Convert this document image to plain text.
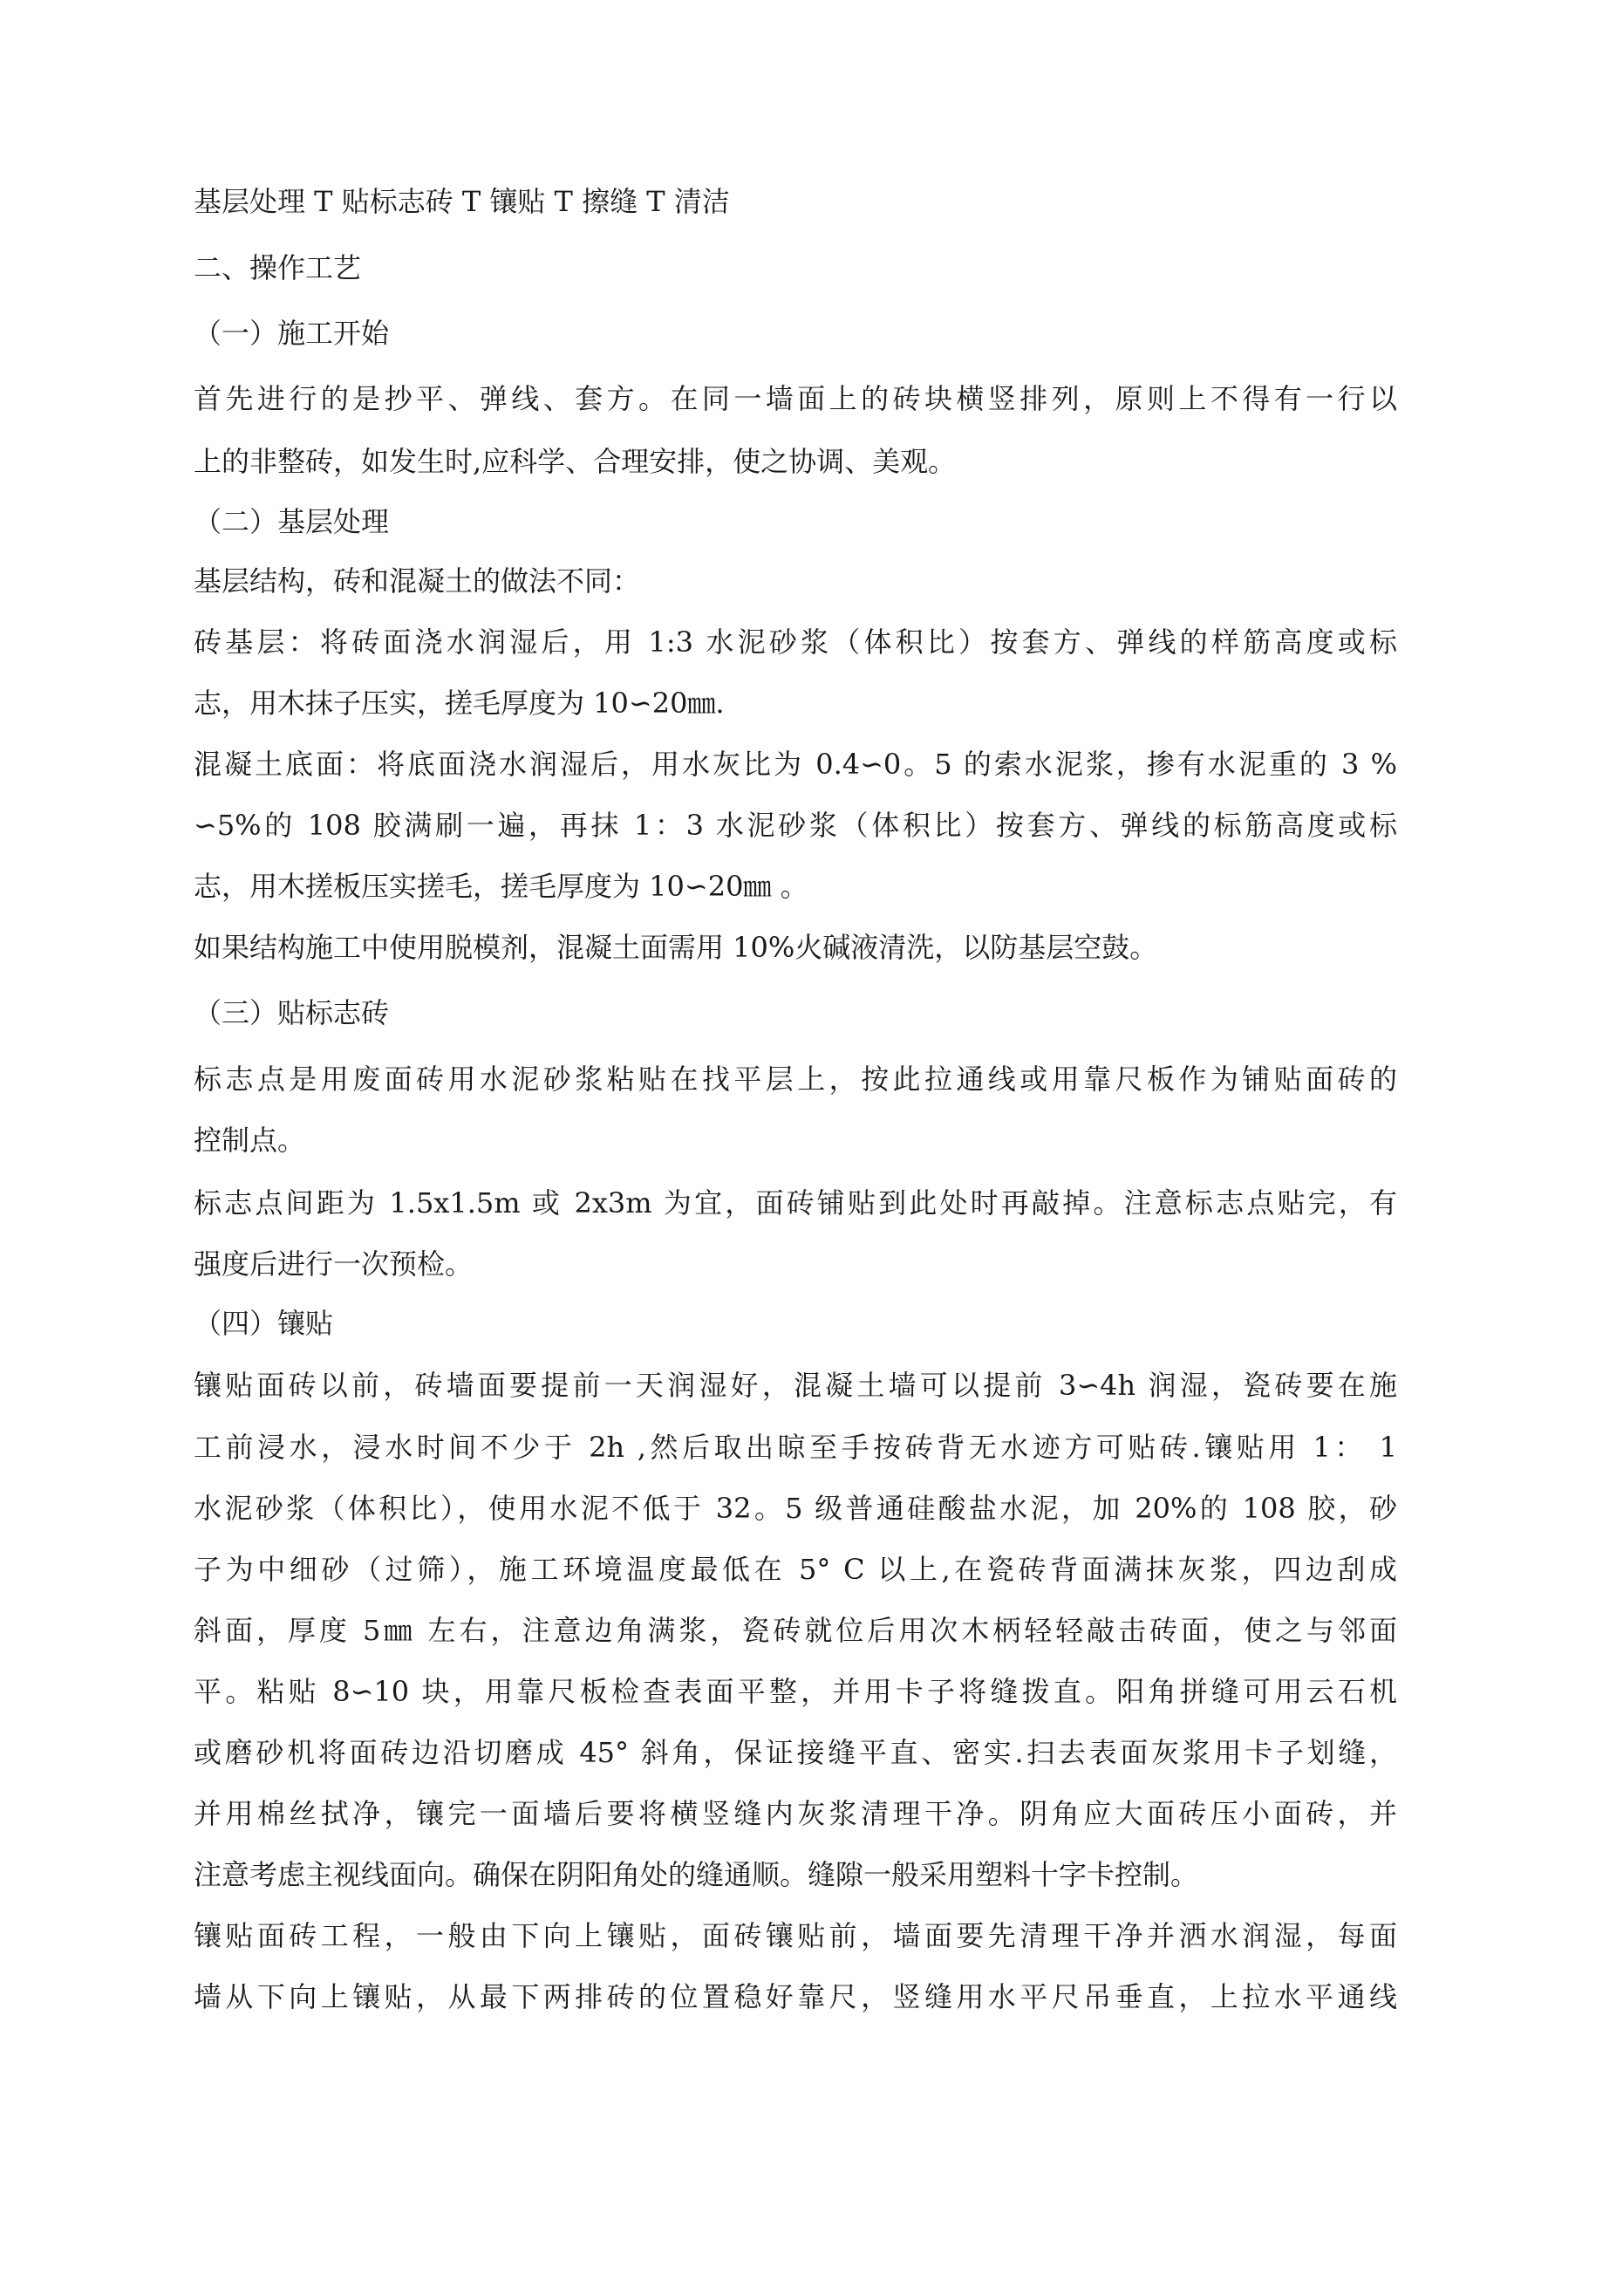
基层处理 T 贴标志砖 T 镶贴 T 擦缝 T 清洁
二、操作工艺
（一）施工开始
首先进行的是抄平、弹线、套方。在同一墙面上的砖块横竖排列，原则上不得有一行以
上的非整砖，如发生时,应科学、合理安排，使之协调、美观。
（二）基层处理
基层结构，砖和混凝土的做法不同：
砖基层：将砖面浇水润湿后，用 1:3 水泥砂浆（体积比）按套方、弹线的样筋高度或标
志，用木抹子压实，搓毛厚度为 10∽20㎜.
混凝土底面：将底面浇水润湿后，用水灰比为 0.4∽0。5 的索水泥浆，掺有水泥重的 3 %
∽5%的 108 胶满刷一遍，再抹 1：3 水泥砂浆（体积比）按套方、弹线的标筋高度或标
志，用木搓板压实搓毛，搓毛厚度为 10∽20㎜ 。
如果结构施工中使用脱模剂，混凝土面需用 10%火碱液清洗，以防基层空鼓。
（三）贴标志砖
标志点是用废面砖用水泥砂浆粘贴在找平层上，按此拉通线或用靠尺板作为铺贴面砖的
控制点。
标志点间距为 1.5x1.5m 或 2x3m 为宜，面砖铺贴到此处时再敲掉。注意标志点贴完，有
强度后进行一次预检。
（四）镶贴
镶贴面砖以前，砖墙面要提前一天润湿好，混凝土墙可以提前 3∽4h 润湿，瓷砖要在施
工前浸水，浸水时间不少于 2h ,然后取出晾至手按砖背无水迹方可贴砖.镶贴用 1： 1
水泥砂浆（体积比），使用水泥不低于 32。5 级普通硅酸盐水泥，加 20%的 108 胶，砂
子为中细砂（过筛），施工环境温度最低在 5° C 以上,在瓷砖背面满抹灰浆，四边刮成
斜面，厚度 5㎜ 左右，注意边角满浆，瓷砖就位后用次木柄轻轻敲击砖面，使之与邻面
平。粘贴 8∽10 块，用靠尺板检查表面平整，并用卡子将缝拨直。阳角拼缝可用云石机
或磨砂机将面砖边沿切磨成 45° 斜角，保证接缝平直、密实.扫去表面灰浆用卡子划缝，
并用棉丝拭净，镶完一面墙后要将横竖缝内灰浆清理干净。阴角应大面砖压小面砖，并
注意考虑主视线面向。确保在阴阳角处的缝通顺。缝隙一般采用塑料十字卡控制。
镶贴面砖工程，一般由下向上镶贴，面砖镶贴前，墙面要先清理干净并洒水润湿，每面
墙从下向上镶贴，从最下两排砖的位置稳好靠尺，竖缝用水平尺吊垂直，上拉水平通线
